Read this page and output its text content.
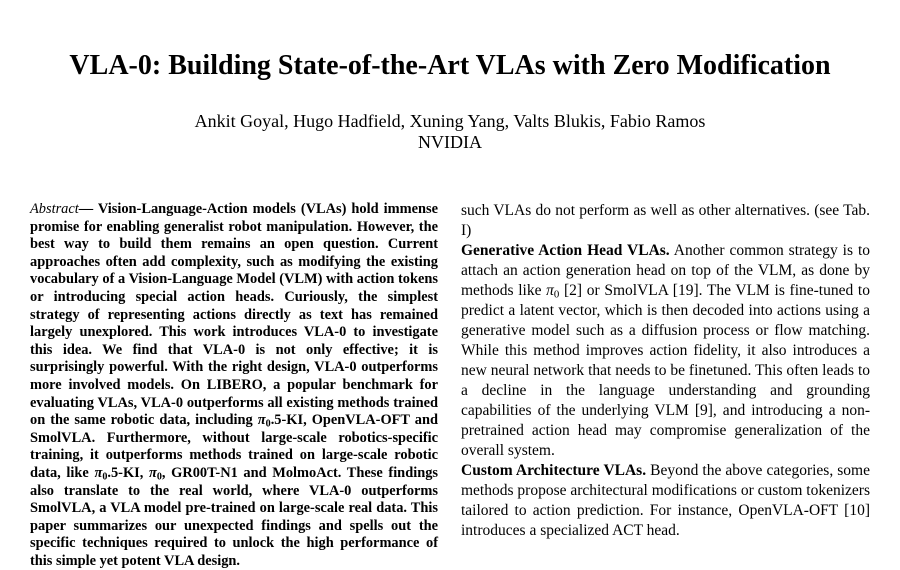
VLA-0: Building State-of-the-Art VLAs with Zero Modification

Ankit Goyal, Hugo Hadfield, Xuning Yang, Valts Blukis, Fabio Ramos

NVIDIA

Abstract— Vision-Language-Action models (VLAs) hold immense promise for enabling generalist robot manipulation. However, the best way to build them remains an open question. Current approaches often add complexity, such as modifying the existing vocabulary of a Vision-Language Model (VLM) with action tokens or introducing special action heads. Curiously, the simplest strategy of representing actions directly as text has remained largely unexplored. This work introduces VLA-0 to investigate this idea. We find that VLA-0 is not only effective; it is surprisingly powerful. With the right design, VLA-0 outperforms more involved models. On LIBERO, a popular benchmark for evaluating VLAs, VLA-0 outperforms all existing methods trained on the same robotic data, including $\pi_0.5-KI$, OpenVLA-OFT and SmolVLA. Furthermore, without large-scale robotics-specific training, it outperforms methods trained on large-scale robotic data, like $\pi_0.5-KI$, $\pi_0$, GR00T-N1 and MolmoAct. These findings also translate to the real world, where VLA-0 outperforms SmolVLA, a VLA model pre-trained on large-scale real data. This paper summarizes our unexpected findings and spells out the specific techniques required to unlock the high performance of this simple yet potent VLA design.

such VLAs do not perform as well as other alternatives. (see Tab. I)

Generative Action Head VLAs. Another common strategy is to attach an action generation head on top of the VLM, as done by methods like $\pi_0$ [2] or SmolVLA [19]. The VLM is fine-tuned to predict a latent vector, which is then decoded into actions using a generative model such as a diffusion process or flow matching. While this method improves action fidelity, it also introduces a new neural network that needs to be finetuned. This often leads to a decline in the language understanding and grounding capabilities of the underlying VLM [9], and introducing a non-pretrained action head may compromise generalization of the overall system.

Custom Architecture VLAs. Beyond the above categories, some methods propose architectural modifications or custom tokenizers tailored to action prediction. For instance, OpenVLA-OFT [10] introduces a specialized ACT head.
